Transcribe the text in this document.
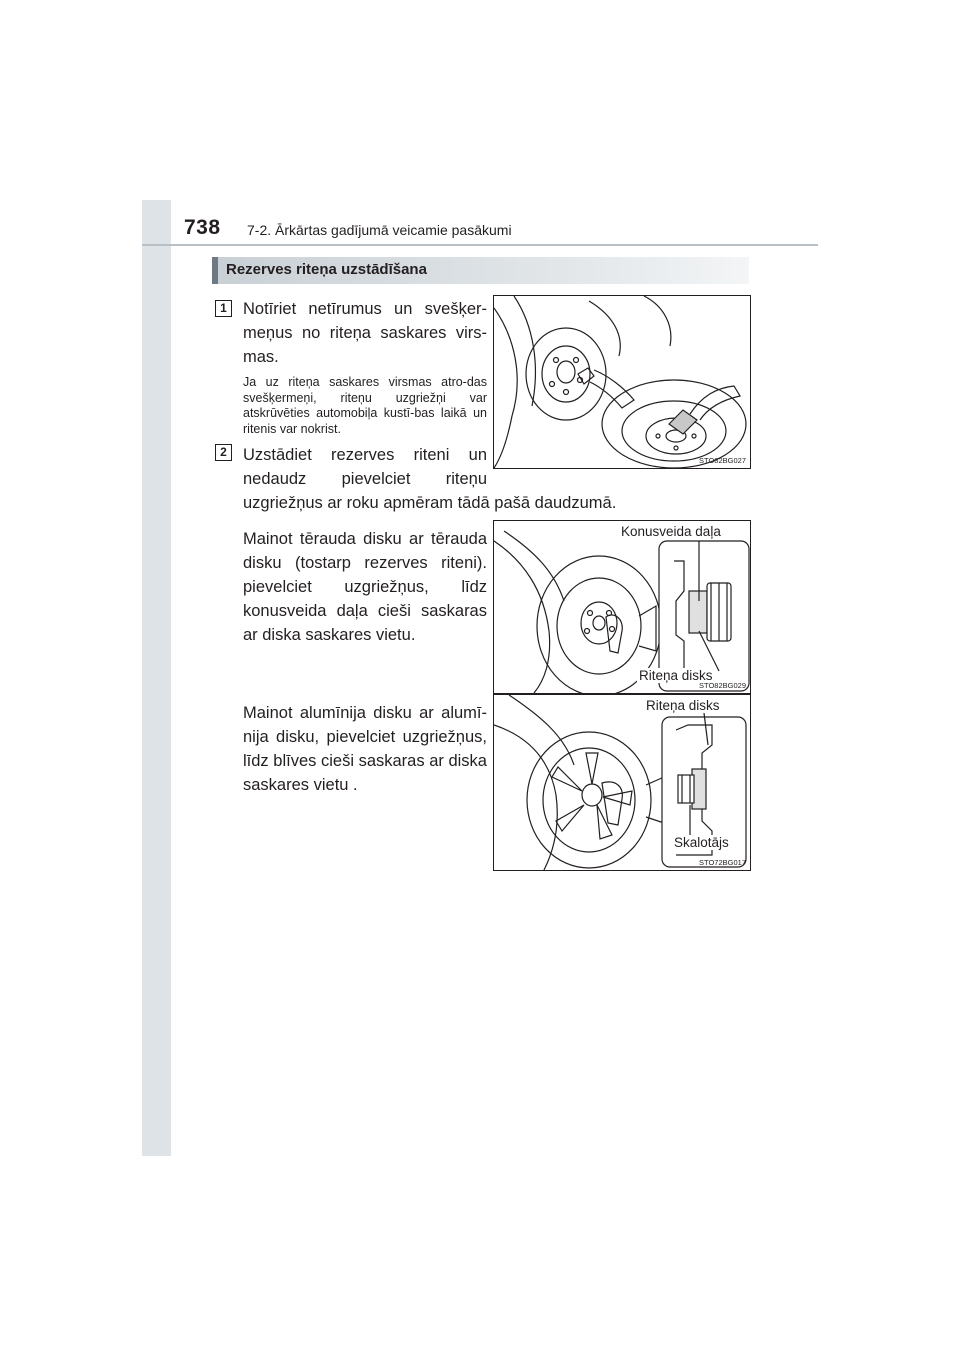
738 7-2. Ārkārtas gadījumā veicamie pasākumi
Rezerves riteņa uzstādīšana
1 Notīriet netīrumus un svešķer-meņus no riteņa saskares virs-mas.
Ja uz riteņa saskares virsmas atro-das svešķermeņi, riteņu uzgriežņi var atskrūvēties automobiļa kustī-bas laikā un ritenis var nokrist.
2 Uzstādiet rezerves riteni un nedaudz pievelciet riteņu
uzgriežņus ar roku apmēram tādā pašā daudzumā.
Mainot tērauda disku ar tērauda disku (tostarp rezerves riteni). pievelciet uzgriežņus, līdz konusveida daļa cieši saskaras ar diska saskares vietu.
Mainot alumīnija disku ar alumī-nija disku, pievelciet uzgriežņus, līdz blīves cieši saskaras ar diska saskares vietu .
STO82BG027
Konusveida daļa
Riteņa disks
STO82BG029
Riteņa disks
Skalotājs
STO72BG017
